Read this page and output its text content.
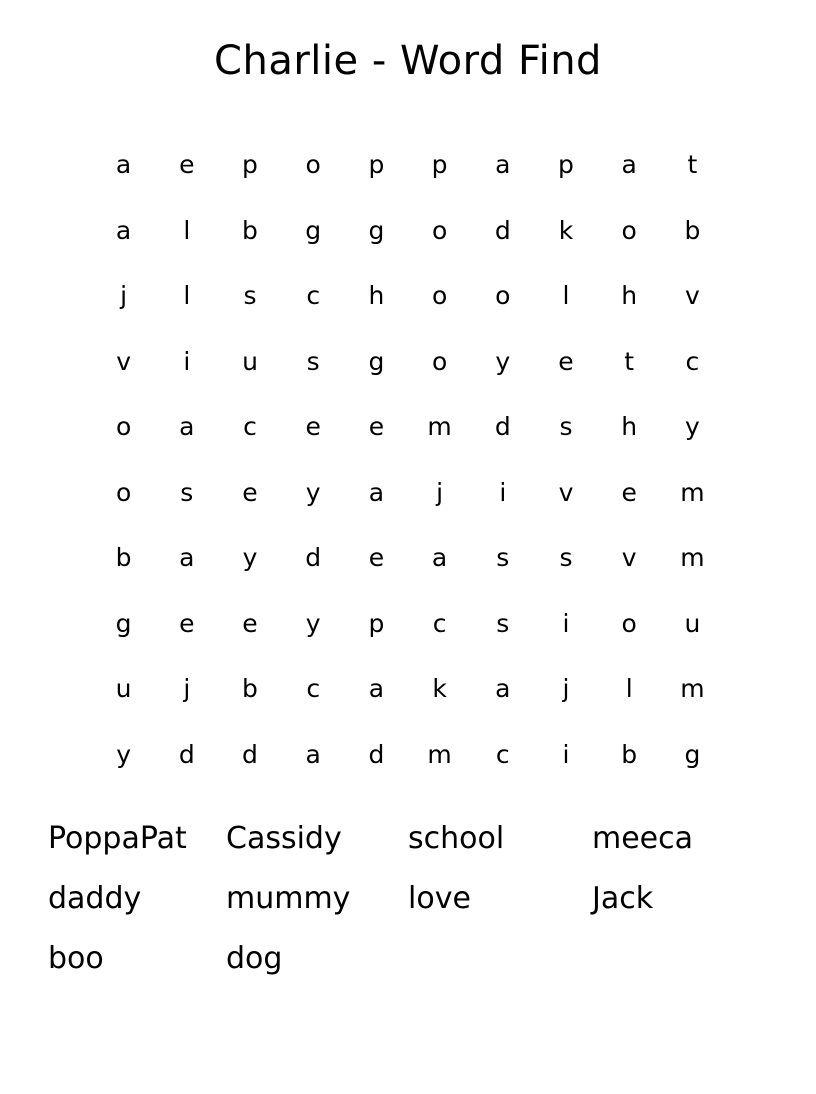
Charlie - Word Find
a	e	p	o	p	p	a	p	a	t
a	l	b	g	g	o	d	k	o	b
j	l	s	c	h	o	o	l	h	v
v	i	u	s	g	o	y	e	t	c
o	a	c	e	e	m	d	s	h	y
o	s	e	y	a	j	i	v	e	m
b	a	y	d	e	a	s	s	v	m
g	e	e	y	p	c	s	i	o	u
u	j	b	c	a	k	a	j	l	m
y	d	d	a	d	m	c	i	b	g
PoppaPat	Cassidy	school	meeca
daddy	mummy	love	Jack
boo	dog
